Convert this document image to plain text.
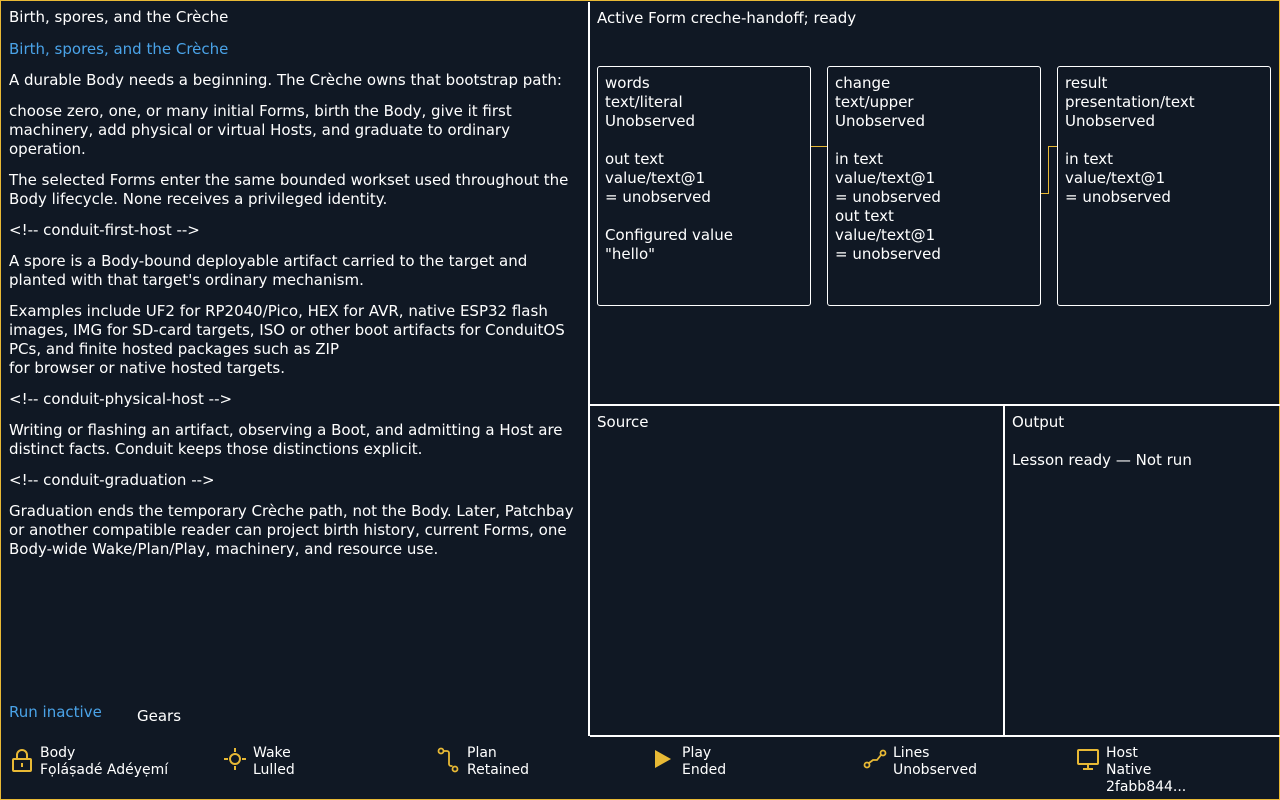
Birth, spores, and the Crèche

Birth, spores, and the Crèche

A durable Body needs a beginning. The Crèche owns that bootstrap path:

choose zero, one, or many initial Forms, birth the Body, give it first machinery, add physical or virtual Hosts, and graduate to ordinary operation.

The selected Forms enter the same bounded workset used throughout the Body lifecycle. None receives a privileged identity.

<!-- conduit-first-host -->

A spore is a Body-bound deployable artifact carried to the target and planted with that target's ordinary mechanism.

Examples include UF2 for RP2040/Pico, HEX for AVR, native ESP32 flash images, IMG for SD-card targets, ISO or other boot artifacts for ConduitOS PCs, and finite hosted packages such as ZIP

for browser or native hosted targets.

<!-- conduit-physical-host -->

Writing or flashing an artifact, observing a Boot, and admitting a Host are distinct facts. Conduit keeps those distinctions explicit.

<!-- conduit-graduation -->

Graduation ends the temporary Crèche path, not the Body. Later, Patchbay or another compatible reader can project birth history, current Forms, one Body-wide Wake/Plan/Play, machinery, and resource use.

Run inactive Gears
Active Form creche-handoff; ready
words
text/literal
Unobserved
out text
value/text@1
= unobserved
Configured value
"hello"
change
text/upper
Unobserved
in text
value/text@1
= unobserved
out text
value/text@1
= unobserved
result
presentation/text
Unobserved
in text
value/text@1
= unobserved
Source	Output
Lesson ready — Not run
Body
Fọláṣadé Adéyẹmí
Wake
Lulled
Plan
Retained
Play
Ended
Lines
Unobserved
Host
Native
2fabb844...
